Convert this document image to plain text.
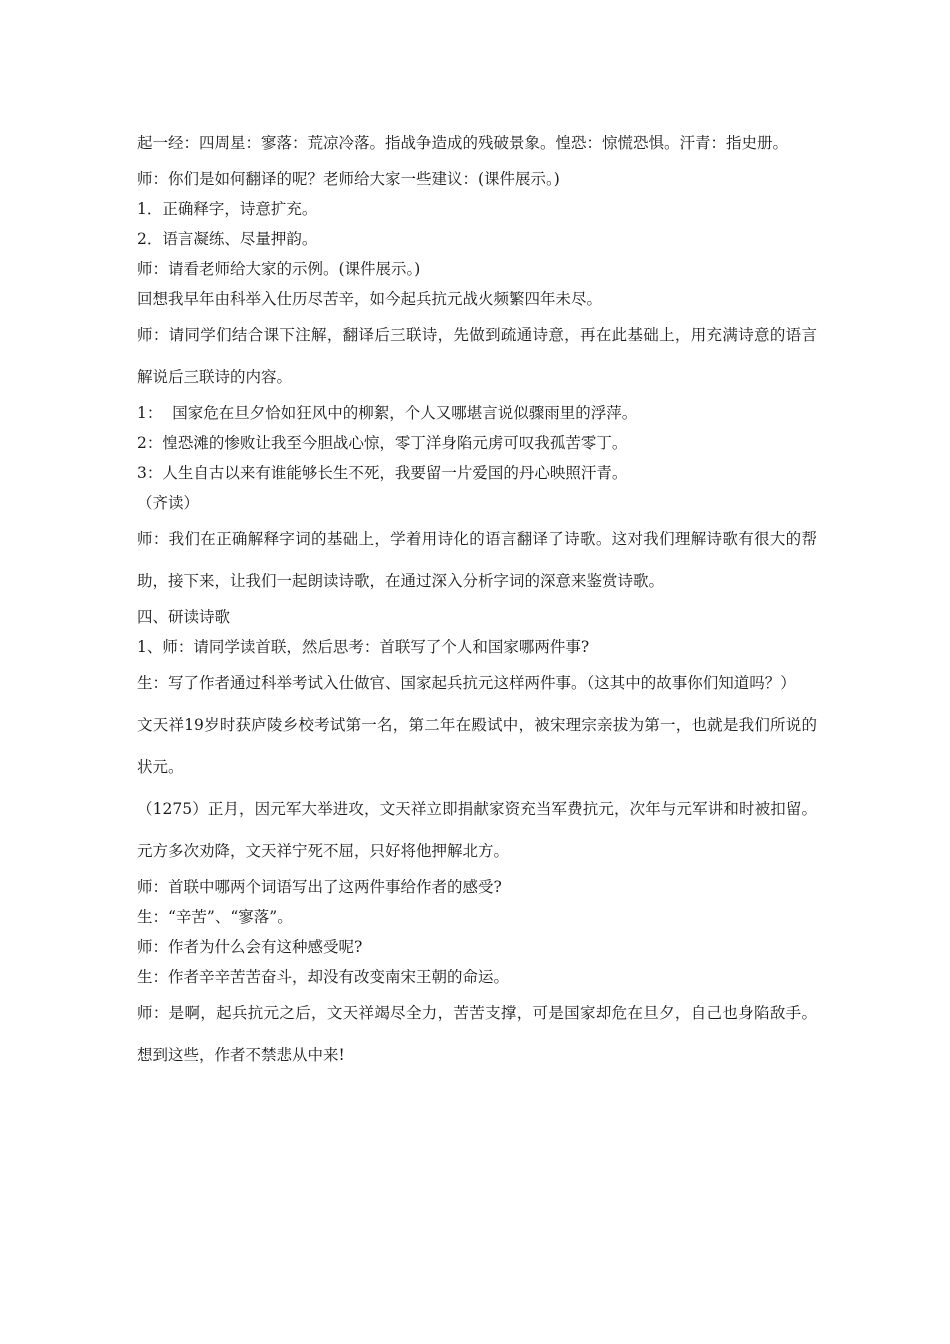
起一经：四周星：寥落：荒凉冷落。指战争造成的残破景象。惶恐：惊慌恐惧。汗青：指史册。

师：你们是如何翻译的呢？老师给大家一些建议：(课件展示。)

1．正确释字，诗意扩充。

2．语言凝练、尽量押韵。

师：请看老师给大家的示例。(课件展示。)

回想我早年由科举入仕历尽苦辛，如今起兵抗元战火频繁四年未尽。

师：请同学们结合课下注解，翻译后三联诗，先做到疏通诗意，再在此基础上，用充满诗意的语言解说后三联诗的内容。

1：  国家危在旦夕恰如狂风中的柳絮，个人又哪堪言说似骤雨里的浮萍。

2：惶恐滩的惨败让我至今胆战心惊，零丁洋身陷元虏可叹我孤苦零丁。

3：人生自古以来有谁能够长生不死，我要留一片爱国的丹心映照汗青。

（齐读）

师：我们在正确解释字词的基础上，学着用诗化的语言翻译了诗歌。这对我们理解诗歌有很大的帮助，接下来，让我们一起朗读诗歌，在通过深入分析字词的深意来鉴赏诗歌。

四、研读诗歌

1、师：请同学读首联，然后思考：首联写了个人和国家哪两件事?

生：写了作者通过科举考试入仕做官、国家起兵抗元这样两件事。（这其中的故事你们知道吗？）

文天祥19岁时获庐陵乡校考试第一名，第二年在殿试中，被宋理宗亲拔为第一，也就是我们所说的状元。

（1275）正月，因元军大举进攻，文天祥立即捐献家资充当军费抗元，次年与元军讲和时被扣留。元方多次劝降，文天祥宁死不屈，只好将他押解北方。

师：首联中哪两个词语写出了这两件事给作者的感受?

生：“辛苦”、“寥落”。

师：作者为什么会有这种感受呢?

生：作者辛辛苦苦奋斗，却没有改变南宋王朝的命运。

师：是啊，起兵抗元之后，文天祥竭尽全力，苦苦支撑，可是国家却危在旦夕，自己也身陷敌手。想到这些，作者不禁悲从中来!
